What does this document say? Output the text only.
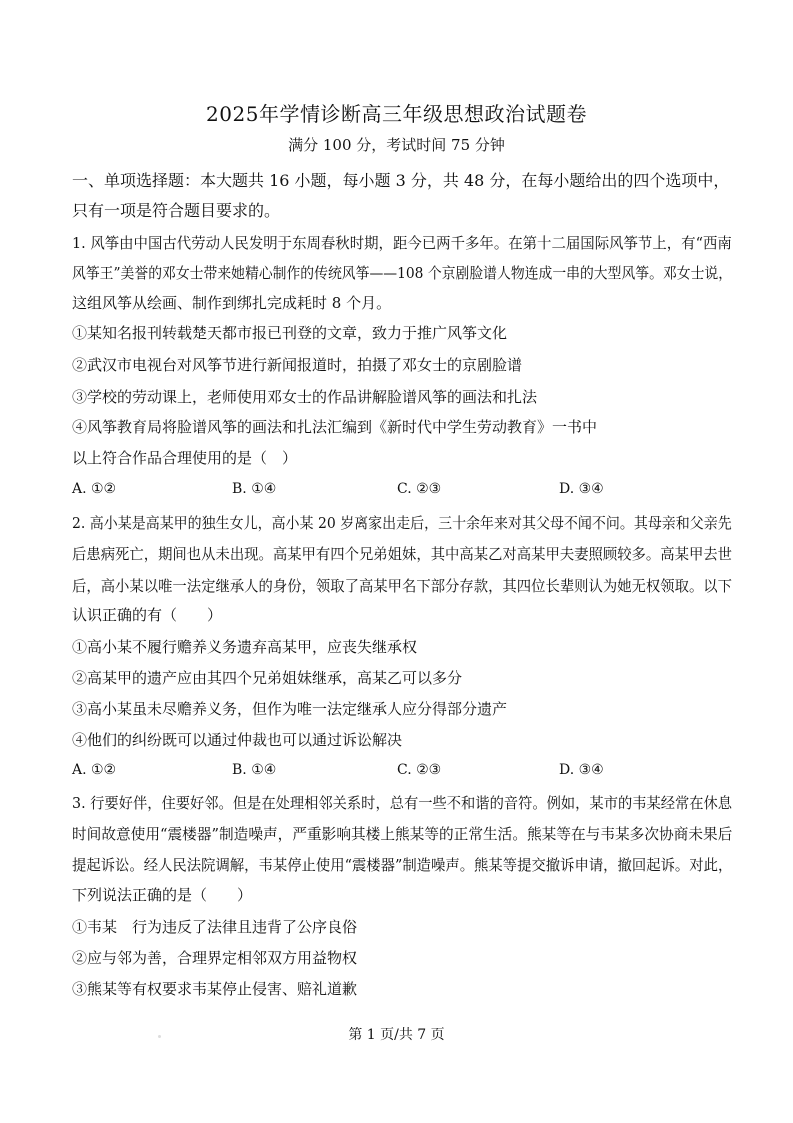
2025年学情诊断高三年级思想政治试题卷
满分 100 分，考试时间 75 分钟
一、单项选择题：本大题共 16 小题，每小题 3 分，共 48 分，在每小题给出的四个选项中，
只有一项是符合题目要求的。
1. 风筝由中国古代劳动人民发明于东周春秋时期，距今已两千多年。在第十二届国际风筝节上，有“西南
风筝王”美誉的邓女士带来她精心制作的传统风筝——108 个京剧脸谱人物连成一串的大型风筝。邓女士说，
这组风筝从绘画、制作到绑扎完成耗时 8 个月。
①某知名报刊转载楚天都市报已刊登的文章，致力于推广风筝文化
②武汉市电视台对风筝节进行新闻报道时，拍摄了邓女士的京剧脸谱
③学校的劳动课上，老师使用邓女士的作品讲解脸谱风筝的画法和扎法
④风筝教育局将脸谱风筝的画法和扎法汇编到《新时代中学生劳动教育》一书中
以上符合作品合理使用的是（　）
A. ①②	B. ①④	C. ②③	D. ③④
2. 高小某是高某甲的独生女儿，高小某 20 岁离家出走后，三十余年来对其父母不闻不问。其母亲和父亲先
后患病死亡，期间也从未出现。高某甲有四个兄弟姐妹，其中高某乙对高某甲夫妻照顾较多。高某甲去世
后，高小某以唯一法定继承人的身份，领取了高某甲名下部分存款，其四位长辈则认为她无权领取。以下
认识正确的有（　　）
①高小某不履行赡养义务遗弃高某甲，应丧失继承权
②高某甲的遗产应由其四个兄弟姐妹继承，高某乙可以多分
③高小某虽未尽赡养义务，但作为唯一法定继承人应分得部分遗产
④他们的纠纷既可以通过仲裁也可以通过诉讼解决
A. ①②	B. ①④	C. ②③	D. ③④
3. 行要好伴，住要好邻。但是在处理相邻关系时，总有一些不和谐的音符。例如，某市的韦某经常在休息
时间故意使用“震楼器”制造噪声，严重影响其楼上熊某等的正常生活。熊某等在与韦某多次协商未果后
提起诉讼。经人民法院调解，韦某停止使用“震楼器”制造噪声。熊某等提交撤诉申请，撤回起诉。对此，
下列说法正确的是（　　）
①韦某　行为违反了法律且违背了公序良俗
②应与邻为善，合理界定相邻双方用益物权
③熊某等有权要求韦某停止侵害、赔礼道歉
第 1 页/共 7 页
